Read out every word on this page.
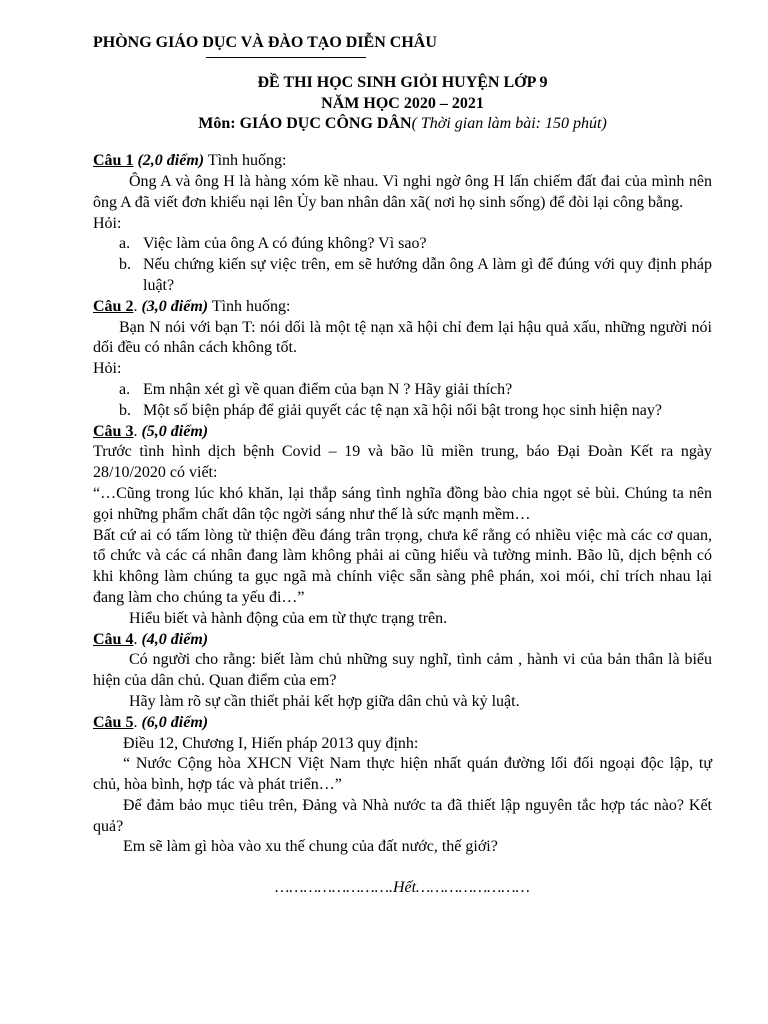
PHÒNG GIÁO DỤC VÀ ĐÀO TẠO DIỄN CHÂU
ĐỀ THI HỌC SINH GIỎI HUYỆN LỚP 9
NĂM HỌC 2020 – 2021
Môn: GIÁO DỤC CÔNG DÂN( Thời gian làm bài: 150 phút)
Câu 1 (2,0 điểm) Tình huống:

Ông A và ông H là hàng xóm kề nhau. Vì nghi ngờ ông H lấn chiếm đất đai của mình nên ông A đã viết đơn khiếu nại lên Ủy ban nhân dân xã( nơi họ sinh sống) để đòi lại công bằng.

Hỏi:
a. Việc làm của ông A có đúng không? Vì sao?
b. Nếu chứng kiến sự việc trên, em sẽ hướng dẫn ông A làm gì để đúng với quy định pháp luật?
Câu 2. (3,0 điểm) Tình huống:

Bạn N nói với bạn T: nói dối là một tệ nạn xã hội chỉ đem lại hậu quả xấu, những người nói dối đều có nhân cách không tốt.

Hỏi:
a. Em nhận xét gì về quan điểm của bạn N ? Hãy giải thích?
b. Một số biện pháp để giải quyết các tệ nạn xã hội nổi bật trong học sinh hiện nay?
Câu 3. (5,0 điểm)

Trước tình hình dịch bệnh Covid – 19 và bão lũ miền trung, báo Đại Đoàn Kết ra ngày 28/10/2020 có viết:

“…Cũng trong lúc khó khăn, lại thắp sáng tình nghĩa đồng bào chia ngọt sẻ bùi. Chúng ta nên gọi những phẩm chất dân tộc ngời sáng như thế là sức mạnh mềm…

Bất cứ ai có tấm lòng từ thiện đều đáng trân trọng, chưa kể rằng có nhiều việc mà các cơ quan, tổ chức và các cá nhân đang làm không phải ai cũng hiểu và tường minh. Bão lũ, dịch bệnh có khi không làm chúng ta gục ngã mà chính việc sẵn sàng phê phán, xoi mói, chỉ trích nhau lại đang làm cho chúng ta yếu đi…”

Hiểu biết và hành động của em từ thực trạng trên.

Câu 4. (4,0 điểm)

Có người cho rằng: biết làm chủ những suy nghĩ, tình cảm , hành vi của bản thân là biểu hiện của dân chủ. Quan điểm của em?

Hãy làm rõ sự cần thiết phải kết hợp giữa dân chủ và kỷ luật.

Câu 5. (6,0 điểm)

Điều 12, Chương I, Hiến pháp 2013 quy định:

“ Nước Cộng hòa XHCN Việt Nam thực hiện nhất quán đường lối đối ngoại độc lập, tự chủ, hòa bình, hợp tác và phát triển…”

Để đảm bảo mục tiêu trên, Đảng và Nhà nước ta đã thiết lập nguyên tắc hợp tác nào? Kết quả?

Em sẽ làm gì hòa vào xu thế chung của đất nước, thế giới?

…………………….Hết……………………
